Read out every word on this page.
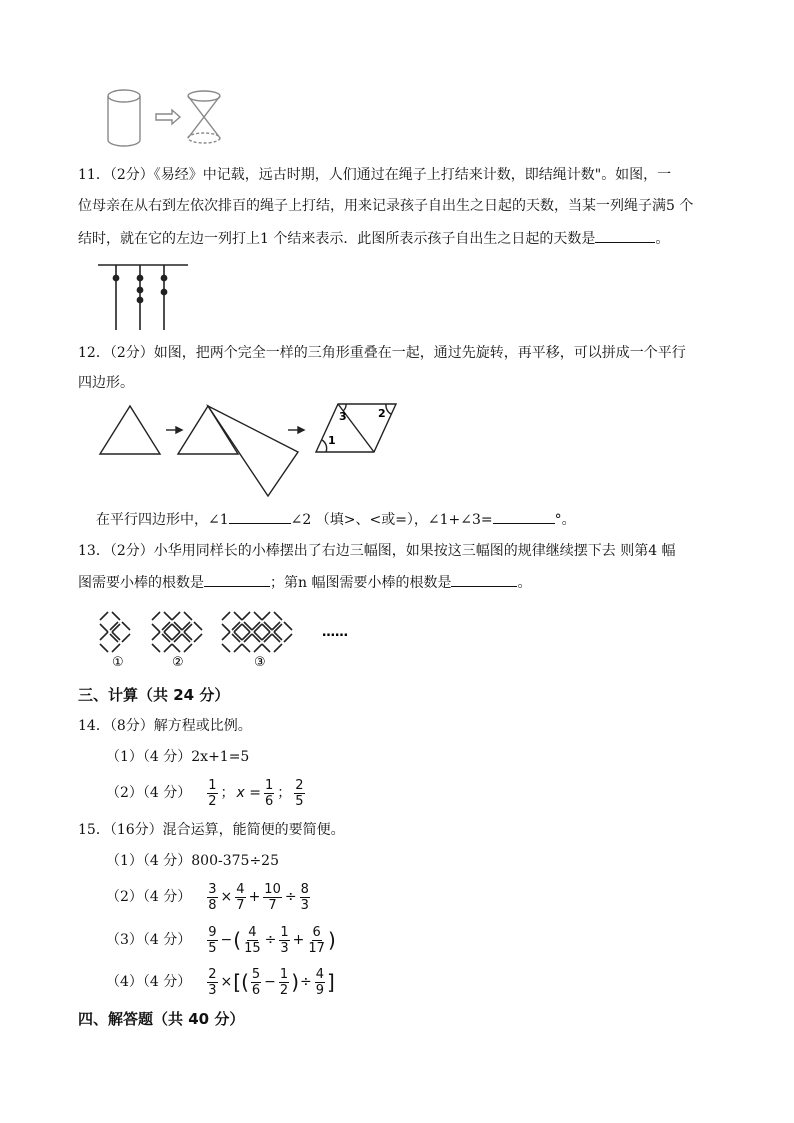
11．（2分）《易经》中记载，远古时期，人们通过在绳子上打结来计数，即结绳计数"。如图，一
位母亲在从右到左依次排百的绳子上打结，用来记录孩子自出生之日起的天数，当某一列绳子满5 个
结时，就在它的左边一列打上1 个结来表示．此图所表示孩子自出生之日起的天数是	。
12．（2分）如图，把两个完全一样的三角形重叠在一起，通过先旋转，再平移，可以拼成一个平行
四边形。
3	2
1
在平行四边形中，∠1	∠2 （填>、<或=），∠1+∠3=	°。
13．（2分）小华用同样长的小棒摆出了右边三幅图，如果按这三幅图的规律继续摆下去 则第4 幅
图需要小棒的根数是	；第n 幅图需要小棒的根数是	。
①	②	③
……
三、计算（共 24 分）
14．（8分）解方程或比例。
（1）（4 分）2x+1=5
（2）（4 分） $\frac{1}{2}$ ； $x = \frac{1}{6}$ ； $\frac{2}{5}$
15．（16分）混合运算，能简便的要简便。
（1）（4 分）800-375÷25
（2）（4 分） $\frac{3}{8} \times \frac{4}{7} + \frac{10}{7} \div \frac{8}{3}$
（3）（4 分） $\frac{9}{5}$ − ( $\frac{4}{15} \div \frac{1}{3} + \frac{6}{17}$ )
（4）（4 分） $\frac{2}{3}$ × [( $\frac{5}{6} - \frac{1}{2}$ ) ÷ $\frac{4}{9}$ ]
四、解答题（共 40 分）
